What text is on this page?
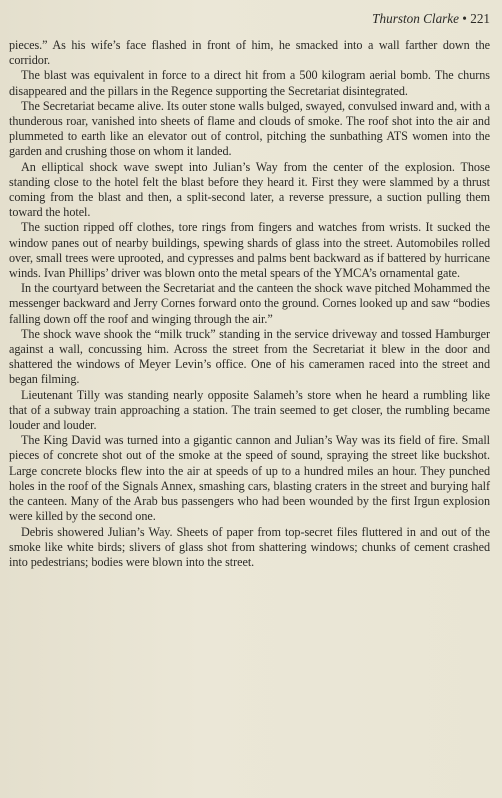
Thurston Clarke • 221

pieces.” As his wife’s face flashed in front of him, he smacked into a wall farther down the corridor.

The blast was equivalent in force to a direct hit from a 500 kilogram aerial bomb. The churns disappeared and the pillars in the Regence supporting the Secretariat disintegrated.

The Secretariat became alive. Its outer stone walls bulged, swayed, convulsed inward and, with a thunderous roar, vanished into sheets of flame and clouds of smoke. The roof shot into the air and plummeted to earth like an elevator out of control, pitching the sunbathing ATS women into the garden and crushing those on whom it landed.

An elliptical shock wave swept into Julian’s Way from the center of the explosion. Those standing close to the hotel felt the blast before they heard it. First they were slammed by a thrust coming from the blast and then, a split-second later, a reverse pressure, a suction pulling them toward the hotel.

The suction ripped off clothes, tore rings from fingers and watches from wrists. It sucked the window panes out of nearby buildings, spewing shards of glass into the street. Automobiles rolled over, small trees were uprooted, and cypresses and palms bent backward as if battered by hurricane winds. Ivan Phillips’ driver was blown onto the metal spears of the YMCA’s ornamental gate.

In the courtyard between the Secretariat and the canteen the shock wave pitched Mohammed the messenger backward and Jerry Cornes forward onto the ground. Cornes looked up and saw “bodies falling down off the roof and winging through the air.”

The shock wave shook the “milk truck” standing in the service driveway and tossed Hamburger against a wall, concussing him. Across the street from the Secretariat it blew in the door and shattered the windows of Meyer Levin’s office. One of his cameramen raced into the street and began filming.

Lieutenant Tilly was standing nearly opposite Salameh’s store when he heard a rumbling like that of a subway train approaching a station. The train seemed to get closer, the rumbling became louder and louder.

The King David was turned into a gigantic cannon and Julian’s Way was its field of fire. Small pieces of concrete shot out of the smoke at the speed of sound, spraying the street like buckshot. Large concrete blocks flew into the air at speeds of up to a hundred miles an hour. They punched holes in the roof of the Signals Annex, smashing cars, blasting craters in the street and burying half the canteen. Many of the Arab bus passengers who had been wounded by the first Irgun explosion were killed by the second one.

Debris showered Julian’s Way. Sheets of paper from top-secret files fluttered in and out of the smoke like white birds; slivers of glass shot from shattering windows; chunks of cement crashed into pedestrians; bodies were blown into the street.
